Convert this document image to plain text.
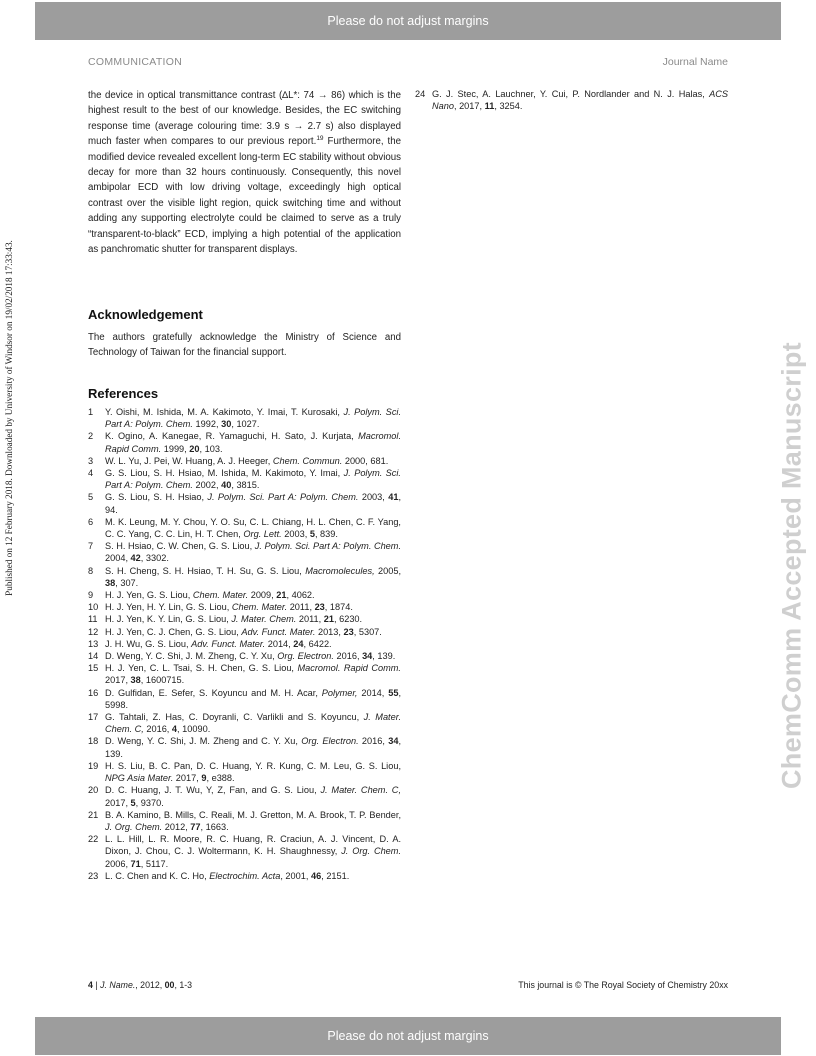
Please do not adjust margins
Published on 12 February 2018. Downloaded by University of Windsor on 19/02/2018 17:33:43.	ChemComm Accepted Manuscript
COMMUNICATION	Journal Name

the device in optical transmittance contrast (∆L*: 74 → 86) which is the highest result to the best of our knowledge. Besides, the EC switching response time (average colouring time: 3.9 s → 2.7 s) also displayed much faster when compares to our previous report.$^{19}$ Furthermore, the modified device revealed excellent long-term EC stability without obvious decay for more than 32 hours continuously. Consequently, this novel ambipolar ECD with low driving voltage, exceedingly high optical contrast over the visible light region, quick switching time and without adding any supporting electrolyte could be claimed to serve as a truly “transparent-to-black” ECD, implying a high potential of the application as panchromatic shutter for transparent displays.

Acknowledgement

The authors gratefully acknowledge the Ministry of Science and Technology of Taiwan for the financial support.

References
1	Y. Oishi, M. Ishida, M. A. Kakimoto, Y. Imai, T. Kurosaki, J. Polym. Sci. Part A: Polym. Chem. 1992, 30, 1027.
2	K. Ogino, A. Kanegae, R. Yamaguchi, H. Sato, J. Kurjata, Macromol. Rapid Comm. 1999, 20, 103.
3	W. L. Yu, J. Pei, W. Huang, A. J. Heeger, Chem. Commun. 2000, 681.
4	G. S. Liou, S. H. Hsiao, M. Ishida, M. Kakimoto, Y. Imai, J. Polym. Sci. Part A: Polym. Chem. 2002, 40, 3815.
5	G. S. Liou, S. H. Hsiao, J. Polym. Sci. Part A: Polym. Chem. 2003, 41, 94.
6	M. K. Leung, M. Y. Chou, Y. O. Su, C. L. Chiang, H. L. Chen, C. F. Yang, C. C. Yang, C. C. Lin, H. T. Chen, Org. Lett. 2003, 5, 839.
7	S. H. Hsiao, C. W. Chen, G. S. Liou, J. Polym. Sci. Part A: Polym. Chem. 2004, 42, 3302.
8	S. H. Cheng, S. H. Hsiao, T. H. Su, G. S. Liou, Macromolecules, 2005, 38, 307.
9	H. J. Yen, G. S. Liou, Chem. Mater. 2009, 21, 4062.
10 H. J. Yen, H. Y. Lin, G. S. Liou, Chem. Mater. 2011, 23, 1874.
11 H. J. Yen, K. Y. Lin, G. S. Liou, J. Mater. Chem. 2011, 21, 6230.
12 H. J. Yen, C. J. Chen, G. S. Liou, Adv. Funct. Mater. 2013, 23, 5307.
13 J. H. Wu, G. S. Liou, Adv. Funct. Mater. 2014, 24, 6422.
14 D. Weng, Y. C. Shi, J. M. Zheng, C. Y. Xu, Org. Electron. 2016, 34, 139.
15 H. J. Yen, C. L. Tsai, S. H. Chen, G. S. Liou, Macromol. Rapid Comm. 2017, 38, 1600715.
16 D. Gulfidan, E. Sefer, S. Koyuncu and M. H. Acar, Polymer, 2014, 55, 5998.
17 G. Tahtali, Z. Has, C. Doyranli, C. Varlikli and S. Koyuncu, J. Mater. Chem. C, 2016, 4, 10090.
18 D. Weng, Y. C. Shi, J. M. Zheng and C. Y. Xu, Org. Electron. 2016, 34, 139.
19 H. S. Liu, B. C. Pan, D. C. Huang, Y. R. Kung, C. M. Leu, G. S. Liou, NPG Asia Mater. 2017, 9, e388.
20 D. C. Huang, J. T. Wu, Y, Z, Fan, and G. S. Liou, J. Mater. Chem. C, 2017, 5, 9370.
21 B. A. Kamino, B. Mills, C. Reali, M. J. Gretton, M. A. Brook, T. P. Bender, J. Org. Chem. 2012, 77, 1663.
22 L. L. Hill, L. R. Moore, R. C. Huang, R. Craciun, A. J. Vincent, D. A. Dixon, J. Chou, C. J. Woltermann, K. H. Shaughnessy, J. Org. Chem. 2006, 71, 5117.
23 L. C. Chen and K. C. Ho, Electrochim. Acta, 2001, 46, 2151.
24 G. J. Stec, A. Lauchner, Y. Cui, P. Nordlander and N. J. Halas, ACS Nano, 2017, 11, 3254.
4 | J. Name., 2012, 00, 1-3	This journal is © The Royal Society of Chemistry 20xx
Please do not adjust margins
